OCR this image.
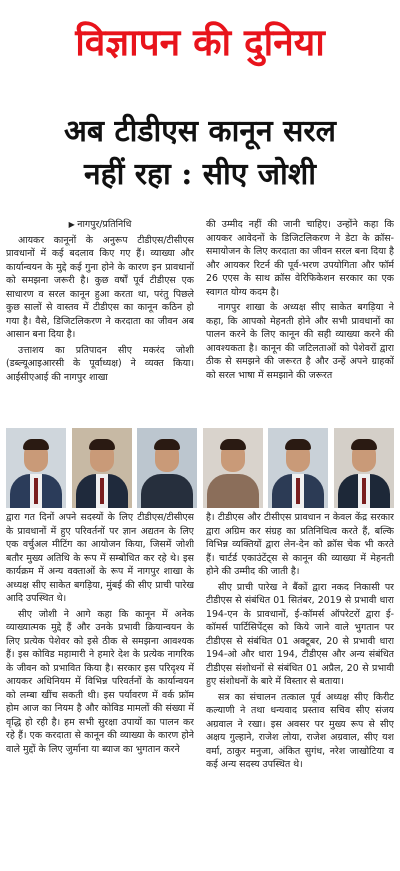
विज्ञापन की दुनिया
अब टीडीएस कानून सरल
नहीं रहा : सीए जोशी
▶ नागपुर/प्रतिनिधि

आयकर कानूनों के अनुरूप टीडीएस/टीसीएस प्रावधानों में कई बदलाव किए गए हैं। व्याख्या और कार्यान्वयन के मुद्दे कई गुना होने के कारण इन प्रावधानों को समझना जरूरी है। कुछ वर्षों पूर्व टीडीएस एक साधारण व सरल कानून हुआ करता था, परंतु पिछले कुछ सालों से वास्तव में टीडीएस का कानून कठिन हो गया है। वैसे, डिजिटलिकरण ने करदाता का जीवन अब आसान बना दिया है।

उत्ताशय का प्रतिपादन सीए मकरंद जोशी (डब्ल्यूआइआरसी के पूर्वाध्यक्ष) ने व्यक्त किया। आईसीएआई की नागपुर शाखा

की उम्मीद नहीं की जानी चाहिए। उन्होंने कहा कि आयकर आवेदनों के डिजिटलिकरण ने डेटा के क्रॉस-समायोजन के लिए करदाता का जीवन सरल बना दिया है और आयकर रिटर्न की पूर्व-भरण उपयोगिता और फॉर्म 26 एएस के साथ क्रॉस वेरिफिकेशन सरकार का एक स्वागत योग्य कदम है।

नागपुर शाखा के अध्यक्ष सीए साकेत बगड़िया ने कहा, कि आपको मेहनती होने और सभी प्रावधानों का पालन करने के लिए कानून की सही व्याख्या करने की आवश्यकता है। कानून की जटिलताओं को पेशेवरों द्वारा ठीक से समझने की जरूरत है और उन्हें अपने ग्राहकों को सरल भाषा में समझाने की जरूरत

द्वारा गत दिनों अपने सदस्यों के लिए टीडीएस/टीसीएस के प्रावधानों में हुए परिवर्तनों पर ज्ञान अद्यतन के लिए एक वर्चुअल मीटिंग का आयोजन किया, जिसमें जोशी बतौर मुख्य अतिथि के रूप में सम्बोधित कर रहे थे। इस कार्यक्रम में अन्य वक्ताओं के रूप में नागपुर शाखा के अध्यक्ष सीए साकेत बगड़िया, मुंबई की सीए प्राची पारेख आदि उपस्थित थे।

सीए जोशी ने आगे कहा कि कानून में अनेक व्याख्यात्मक मुद्दे हैं और उनके प्रभावी क्रियान्वयन के लिए प्रत्येक पेशेवर को इसे ठीक से समझना आवश्यक हैं। इस कोविड महामारी ने हमारे देश के प्रत्येक नागरिक के जीवन को प्रभावित किया है। सरकार इस परिदृश्य में आयकर अधिनियम में विभिन्न परिवर्तनों के कार्यान्वयन को लम्बा खींच सकती थी। इस पर्यावरण में वर्क फ्रॉम होम आज का नियम है और कोविड मामलों की संख्या में वृद्धि हो रही है। हम सभी सुरक्षा उपायों का पालन कर रहे हैं। एक करदाता से कानून की व्याख्या के कारण होने वाले मुद्दों के लिए जुर्माना या ब्याज का भुगतान करने

है। टीडीएस और टीसीएस प्रावधान न केवल केंद्र सरकार द्वारा अग्रिम कर संग्रह का प्रतिनिधित्व करते हैं, बल्कि विभिन्न व्यक्तियों द्वारा लेन-देन को क्रॉस चेक भी करते हैं। चार्टर्ड एकाउंटेंट्स से कानून की व्याख्या में मेहनती होने की उम्मीद की जाती है।

सीए प्राची पारेख ने बैंकों द्वारा नकद निकासी पर टीडीएस से संबंधित 01 सितंबर, 2019 से प्रभावी धारा 194-एन के प्रावधानों, ई-कॉमर्स ऑपरेटरों द्वारा ई-कॉमर्स पार्टिसिपेंट्स को किये जाने वाले भुगतान पर टीडीएस से संबंधित 01 अक्टूबर, 20 से प्रभावी धारा 194-ओ और धारा 194, टीडीएस और अन्य संबंधित टीडीएस संशोधनों से संबंधित 01 अप्रैल, 20 से प्रभावी हुए संशोधनों के बारे में विस्तार से बताया।

सत्र का संचालन तत्काल पूर्व अध्यक्ष सीए किरीट कल्याणी ने तथा धन्यवाद प्रस्ताव सचिव सीए संजय अग्रवाल ने रखा। इस अवसर पर मुख्य रूप से सीए अक्षय गुल्हाने, राजेश लोया, राजेश अग्रवाल, सीए यश वर्मा, ठाकुर मनुजा, अंकित सुगंध, नरेश जाखोटिया व कई अन्य सदस्य उपस्थित थे।
